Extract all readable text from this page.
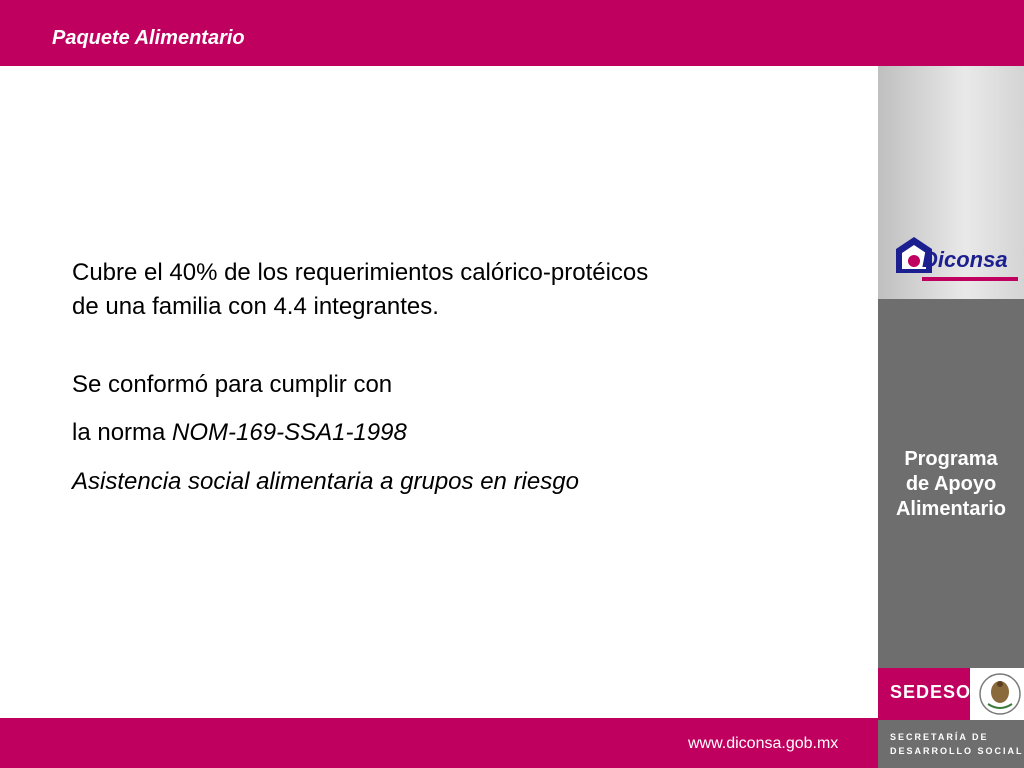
Paquete Alimentario
Cubre el 40% de los requerimientos calórico-protéicos
de una familia con 4.4 integrantes.
Se conformó para cumplir con
la norma NOM-169-SSA1-1998
Asistencia social alimentaria a grupos en riesgo
Programa
de Apoyo
Alimentario
Diconsa
www.diconsa.gob.mx
SEDESOL
SECRETARÍA DE
DESARROLLO SOCIAL
